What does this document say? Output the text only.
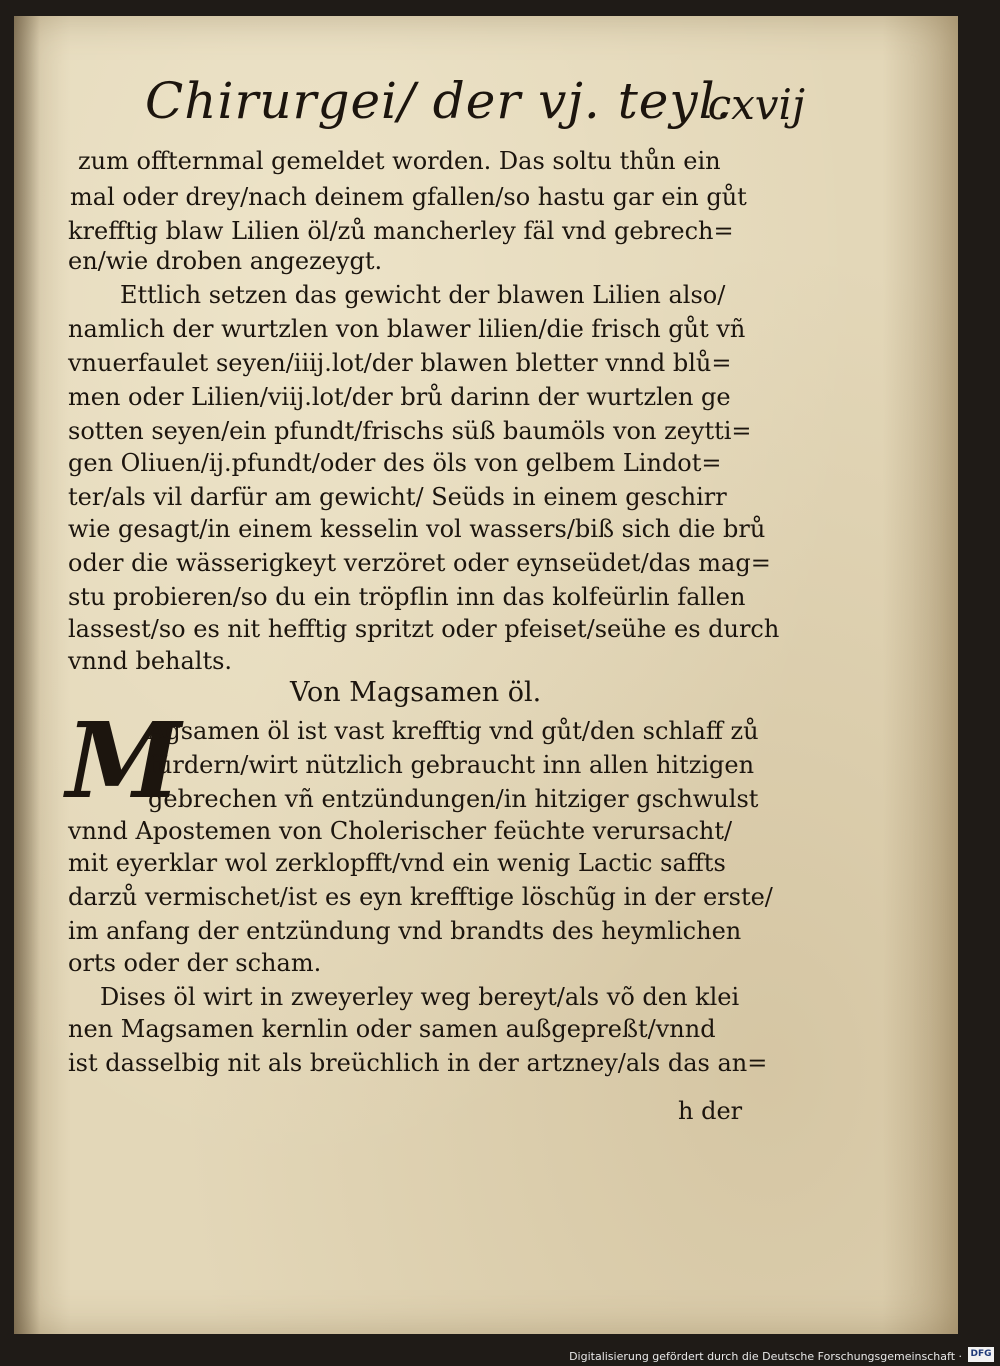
Chirurgei/ der vj. teyl.
cxvij
zum offternmal gemeldet worden. Das soltu thůn ein
mal oder drey/nach deinem gfallen/so hastu gar ein gůt
krefftig blaw Lilien öl/zů mancherley fäl vnd gebrech=
en/wie droben angezeygt.
Ettlich setzen das gewicht der blawen Lilien also/
namlich der wurtzlen von blawer lilien/die frisch gůt vñ
vnuerfaulet seyen/iiij.lot/der blawen bletter vnnd blů=
men oder Lilien/viij.lot/der brů darinn der wurtzlen ge
sotten seyen/ein pfundt/frischs süß baumöls von zeytti=
gen Oliuen/ij.pfundt/oder des öls von gelbem Lindot=
ter/als vil darfür am gewicht/ Seüds in einem geschirr
wie gesagt/in einem kesselin vol wassers/biß sich die brů
oder die wässerigkeyt verzöret oder eynseüdet/das mag=
stu probieren/so du ein tröpflin inn das kolfeürlin fallen
lassest/so es nit hefftig spritzt oder pfeiset/seühe es durch
vnnd behalts.
Von Magsamen öl.
M
Agsamen öl ist vast krefftig vnd gůt/den schlaff zů
fürdern/wirt nützlich gebraucht inn allen hitzigen
gebrechen vñ entzündungen/in hitziger gschwulst
vnnd Apostemen von Cholerischer feüchte verursacht/
mit eyerklar wol zerklopfft/vnd ein wenig Lactic saffts
darzů vermischet/ist es eyn krefftige löschũg in der erste/
im anfang der entzündung vnd brandts des heymlichen
orts oder der scham.
Dises öl wirt in zweyerley weg bereyt/als võ den klei
nen Magsamen kernlin oder samen außgepreßt/vnnd
ist dasselbig nit als breüchlich in der artzney/als das an=
h der
Digitalisierung gefördert durch die Deutsche Forschungsgemeinschaft · DFG
